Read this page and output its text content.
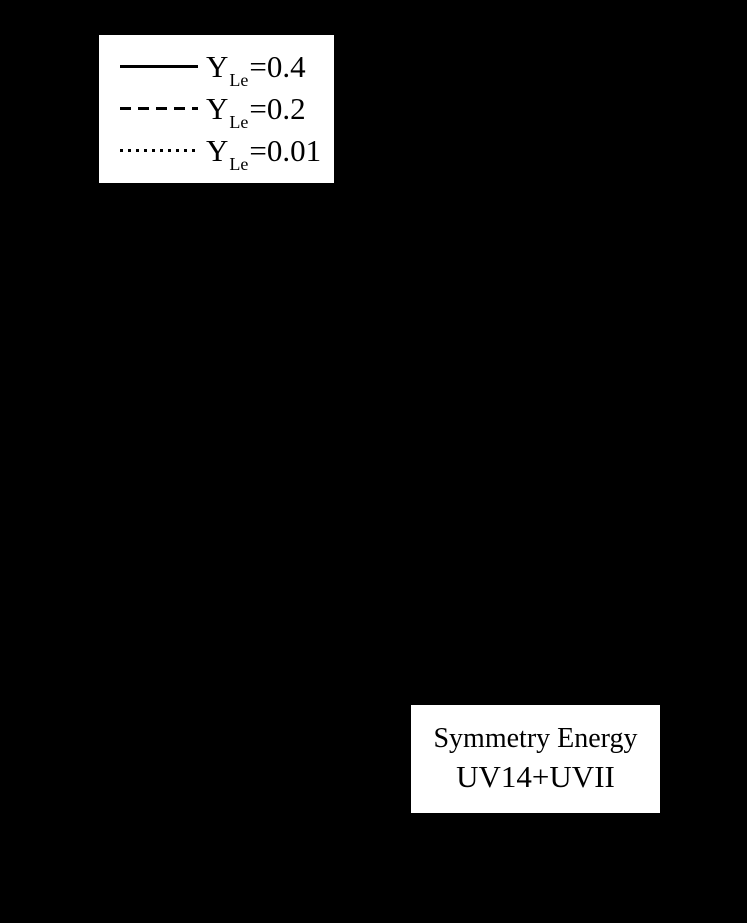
$Y_{Le}=0.4$
$Y_{Le}=0.2$
$Y_{Le}=0.01$
Symmetry Energy
UV14+UVII
